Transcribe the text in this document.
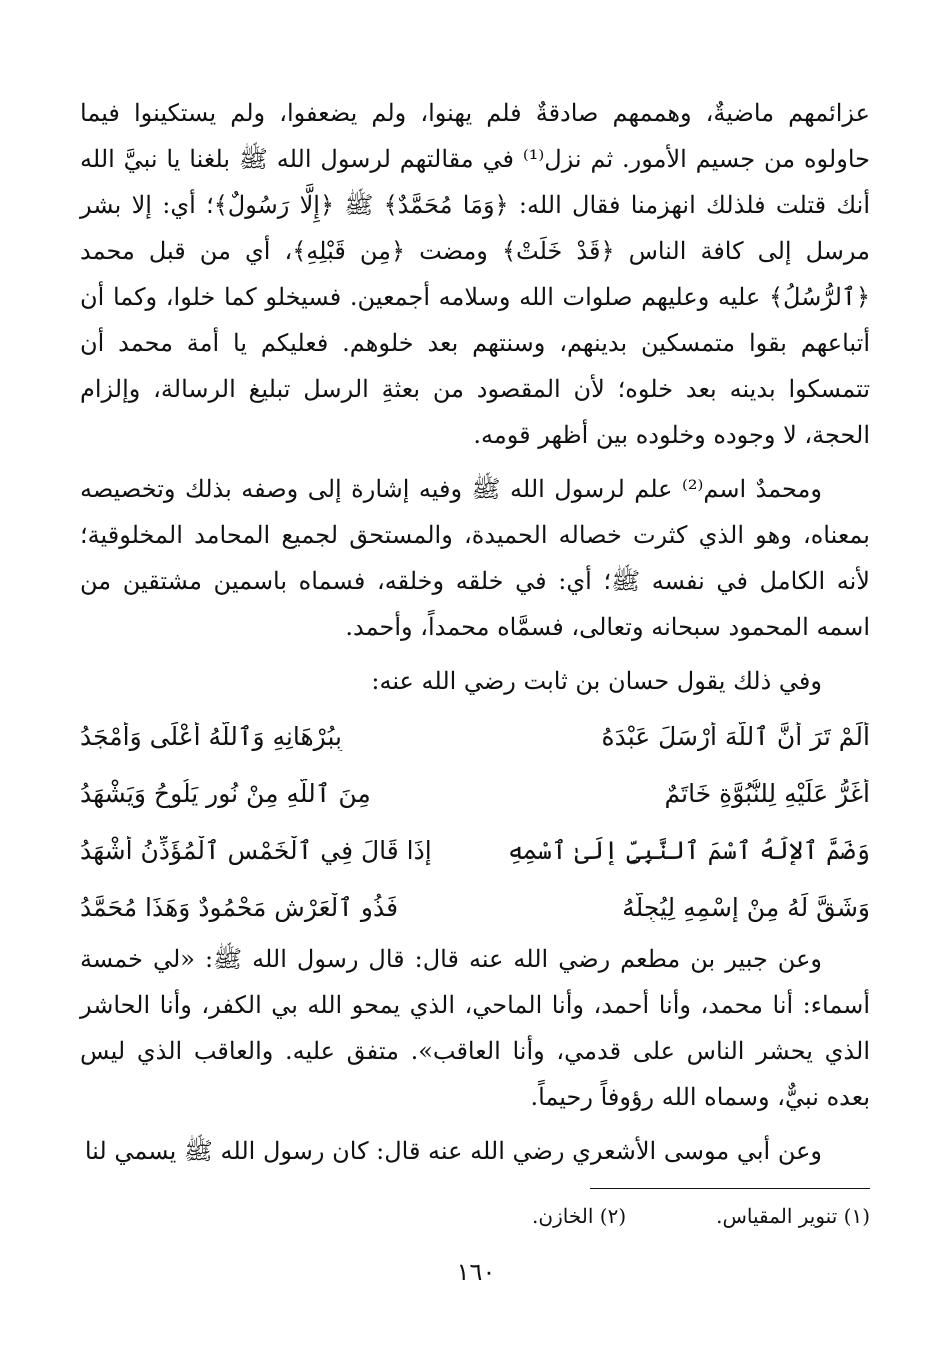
عزائمهم ماضيةٌ، وهممهم صادقةٌ فلم يهنوا، ولم يضعفوا، ولم يستكينوا فيما حاولوه من جسيم الأمور. ثم نزل⁽¹⁾ في مقالتهم لرسول الله ﷺ بلغنا يا نبيَّ الله أنك قتلت فلذلك انهزمنا فقال الله: ﴿وَمَا مُحَمَّدٌ﴾ ﷺ ﴿إِلَّا رَسُولٌ﴾؛ أي: إلا بشر مرسل إلى كافة الناس ﴿قَدْ خَلَتْ﴾ ومضت ﴿مِن قَبْلِهِ﴾، أي من قبل محمد ﴿ٱلرُّسُلُ﴾ عليه وعليهم صلوات الله وسلامه أجمعين. فسيخلو كما خلوا، وكما أن أتباعهم بقوا متمسكين بدينهم، وسنتهم بعد خلوهم. فعليكم يا أمة محمد أن تتمسكوا بدينه بعد خلوه؛ لأن المقصود من بعثةِ الرسل تبليغ الرسالة، وإلزام الحجة، لا وجوده وخلوده بين أظهر قومه.

ومحمدٌ اسم⁽²⁾ علم لرسول الله ﷺ وفيه إشارة إلى وصفه بذلك وتخصيصه بمعناه، وهو الذي كثرت خصاله الحميدة، والمستحق لجميع المحامد المخلوقية؛ لأنه الكامل في نفسه ﷺ؛ أي: في خلقه وخلقه، فسماه باسمين مشتقين من اسمه المحمود سبحانه وتعالى، فسمَّاه محمداً، وأحمد.

وفي ذلك يقول حسان بن ثابت رضي الله عنه:

أَلَمْ تَرَ أَنَّ ٱللَّهَ أَرْسَلَ عَبْدَهُ
بِبُرْهَانِهِ وَٱللَّهُ أَعْلَى وَأَمْجَدُ
أَغَرُّ عَلَيْهِ لِلنُّبُوَّةِ خَاتَمٌ
مِنَ ٱللَّهِ مِنْ نُورٍ يَلُوحُ وَيَشْهَدُ
وَضَمَّ ٱلإِلَٰهُ ٱسْمَ ٱلنَّبِيِّ إِلَىٰ ٱسْمِهِ
إِذَا قَالَ فِي ٱلْخَمْسِ ٱلْمُؤَذِّنُ أَشْهَدُ
وَشَقَّ لَهُ مِنْ إِسْمِهِ لِيُجِلَّهُ
فَذُو ٱلْعَرْشِ مَحْمُودٌ وَهَذَا مُحَمَّدُ

وعن جبير بن مطعم رضي الله عنه قال: قال رسول الله ﷺ: «لي خمسة أسماء: أنا محمد، وأنا أحمد، وأنا الماحي، الذي يمحو الله بي الكفر، وأنا الحاشر الذي يحشر الناس على قدمي، وأنا العاقب». متفق عليه. والعاقب الذي ليس بعده نبيٌّ، وسماه الله رؤوفاً رحيماً.

وعن أبي موسى الأشعري رضي الله عنه قال: كان رسول الله ﷺ يسمي لنا

(١) تنوير المقياس.
(٢) الخازن.
١٦٠
